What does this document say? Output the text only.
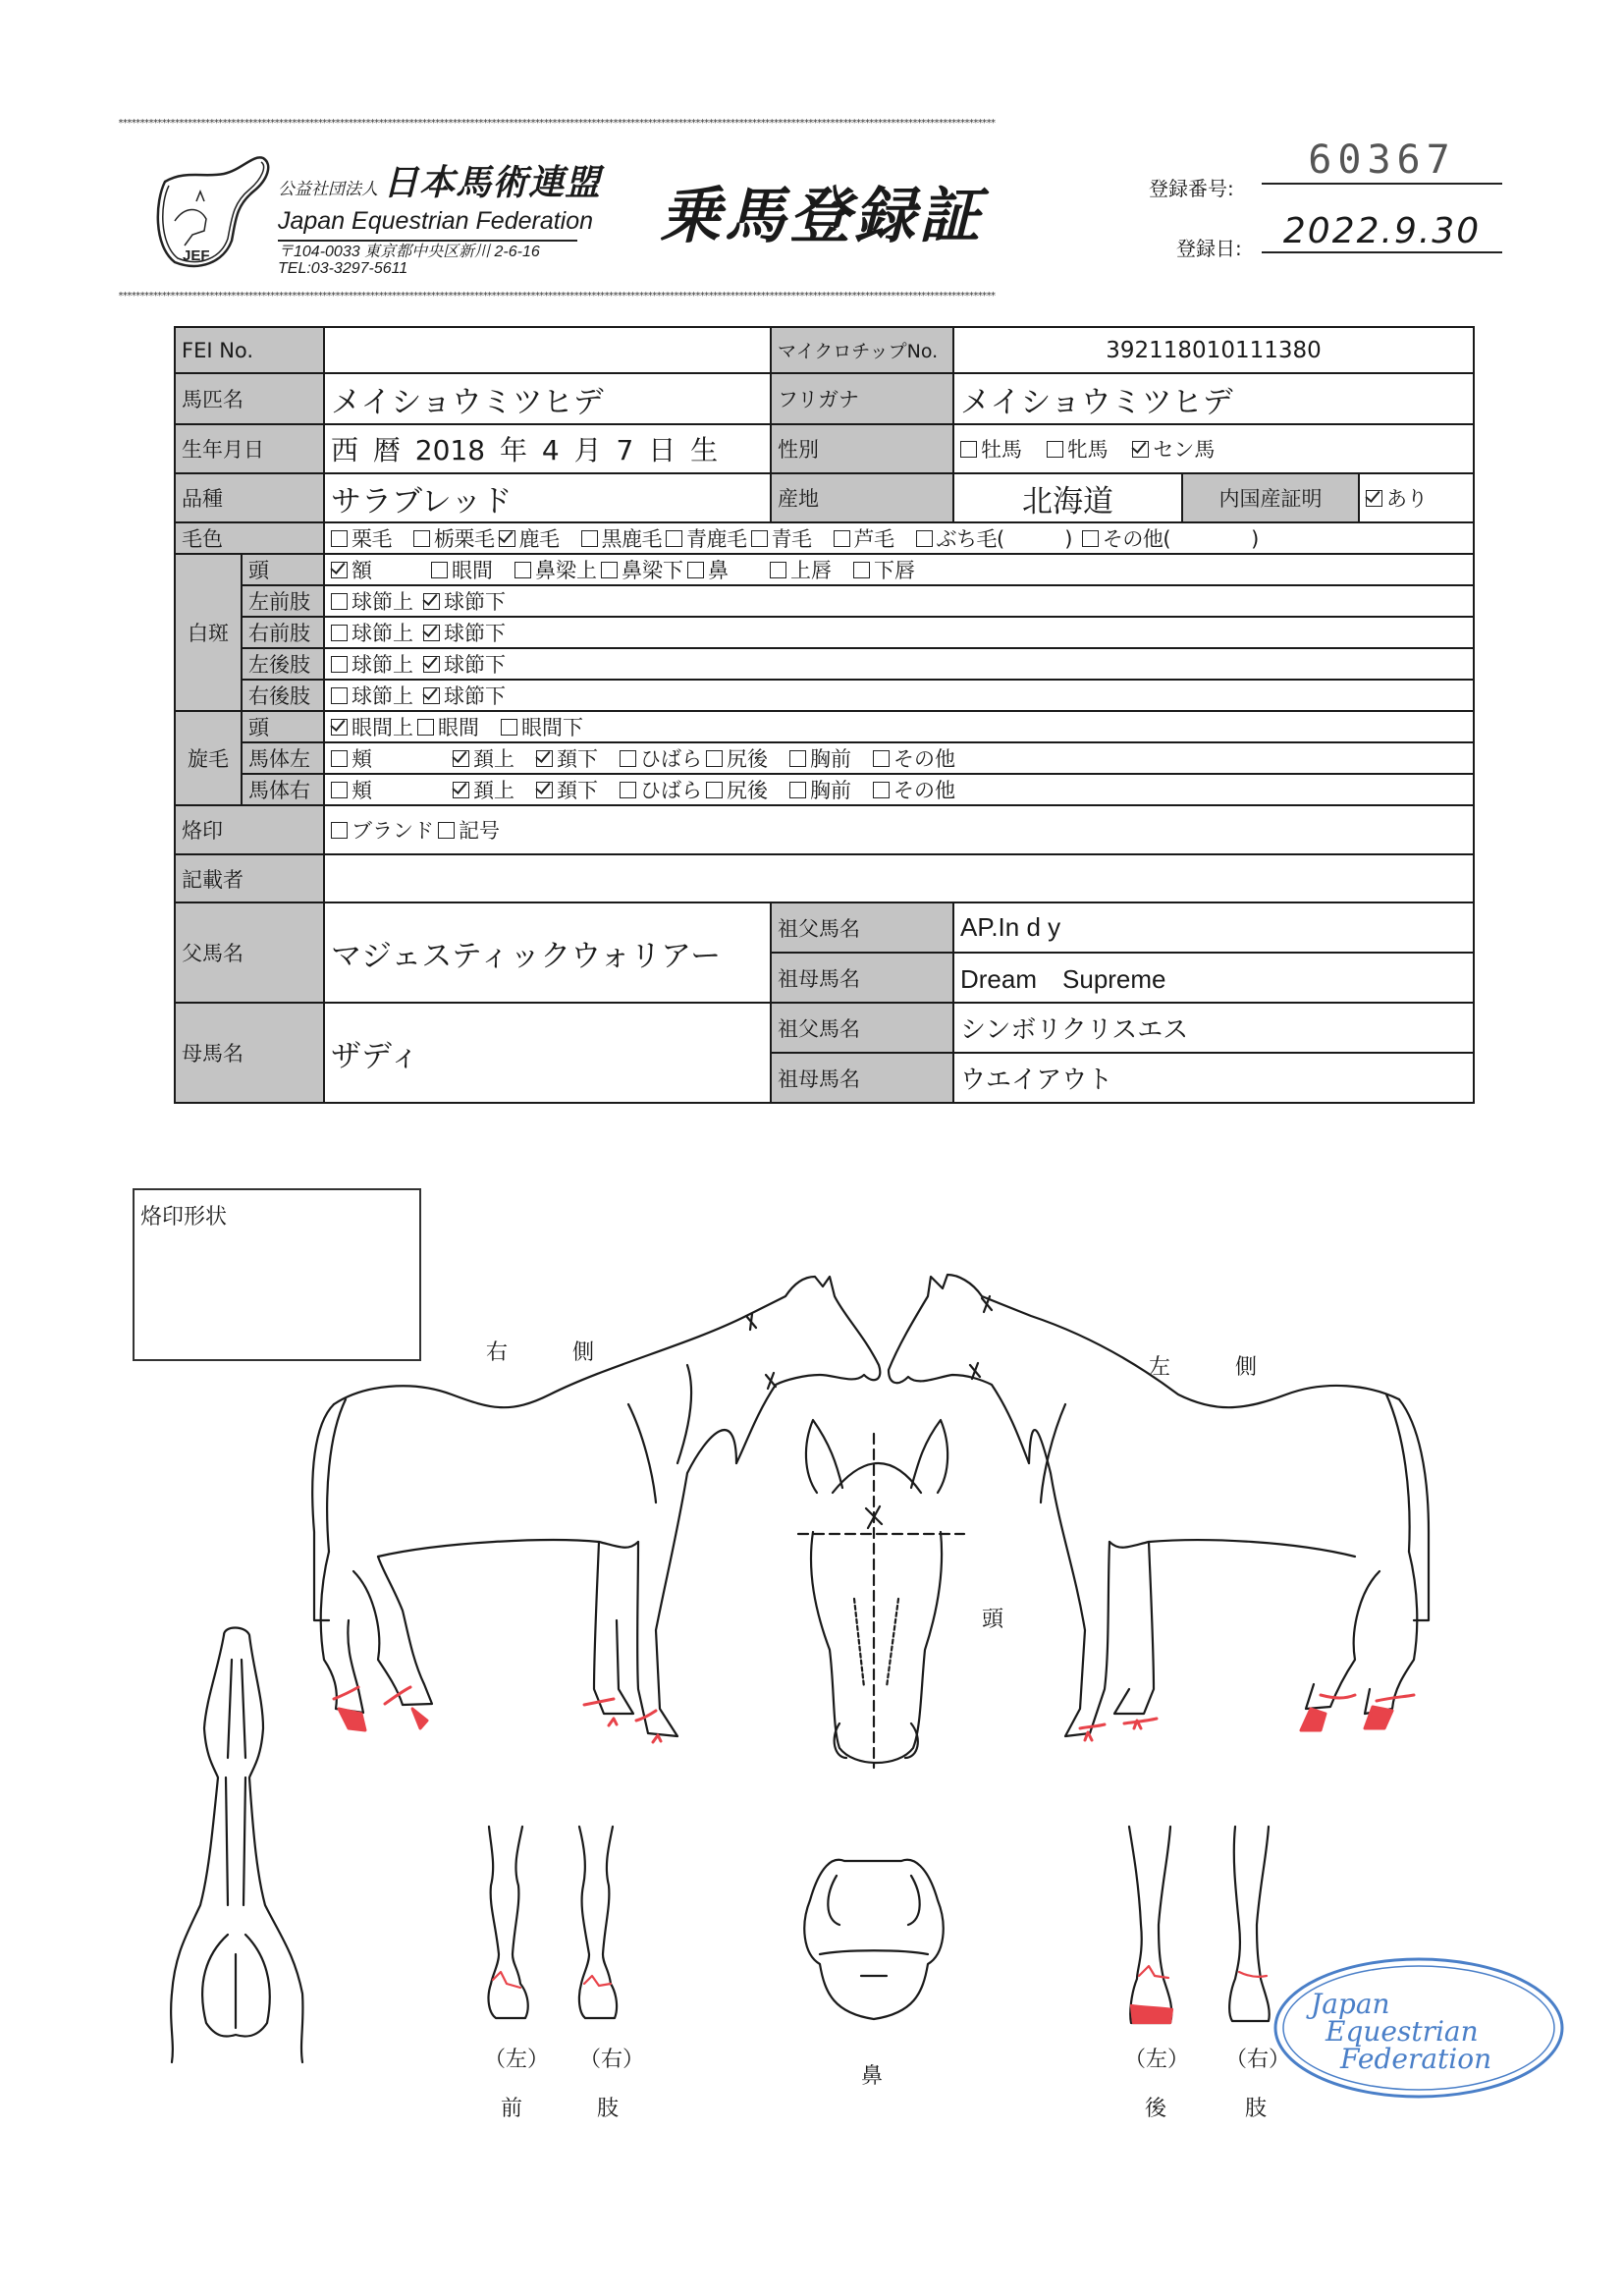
**********************************************************************************************************************************************************************************************************
**********************************************************************************************************************************************************************************************************
JEF
公益社団法人 日本馬術連盟
Japan Equestrian Federation
〒104-0033 東京都中央区新川 2-6-16
TEL:03-3297-5611
乗馬登録証	登録番号:
60367
登録日:	2022.9.30
FEI No.			マイクロチップNo.	392118010111380		
馬匹名		メイショウミツヒデ	フリガナ	メイショウミツヒデ		
生年月日		西 暦 2018 年 4 月 7 日 生	性別	牡馬 牝馬 セン馬		
品種		サラブレッド	産地	北海道	内国産証明	あり
毛色		栗毛 栃栗毛 鹿毛 黒鹿毛 青鹿毛 青毛 芦毛 ぶち毛(　　　) その他(　　　　)				
白斑	頭	額 眼間 鼻梁上 鼻梁下 鼻 上唇 下唇				
	左前肢	球節上 球節下				
	右前肢	球節上 球節下				
	左後肢	球節上 球節下				
	右後肢	球節上 球節下				
旋毛	頭	眼間上 眼間 眼間下				
	馬体左	頬 頚上 頚下 ひばら 尻後 胸前 その他				
	馬体右	頬 頚上 頚下 ひばら 尻後 胸前 その他				
烙印		ブランド 記号				
記載者						
父馬名		マジェスティックウォリアー	祖父馬名	AP.In d y		
			祖母馬名	Dream　Supreme		
母馬名		ザディ	祖父馬名	シンボリクリスエス		
			祖母馬名	ウエイアウト		
烙印形状
右　　　側
左　　　側
頭
鼻
（左） （右）
前	肢
（左） （右）
後	肢
Japan
Equestrian
Federation
